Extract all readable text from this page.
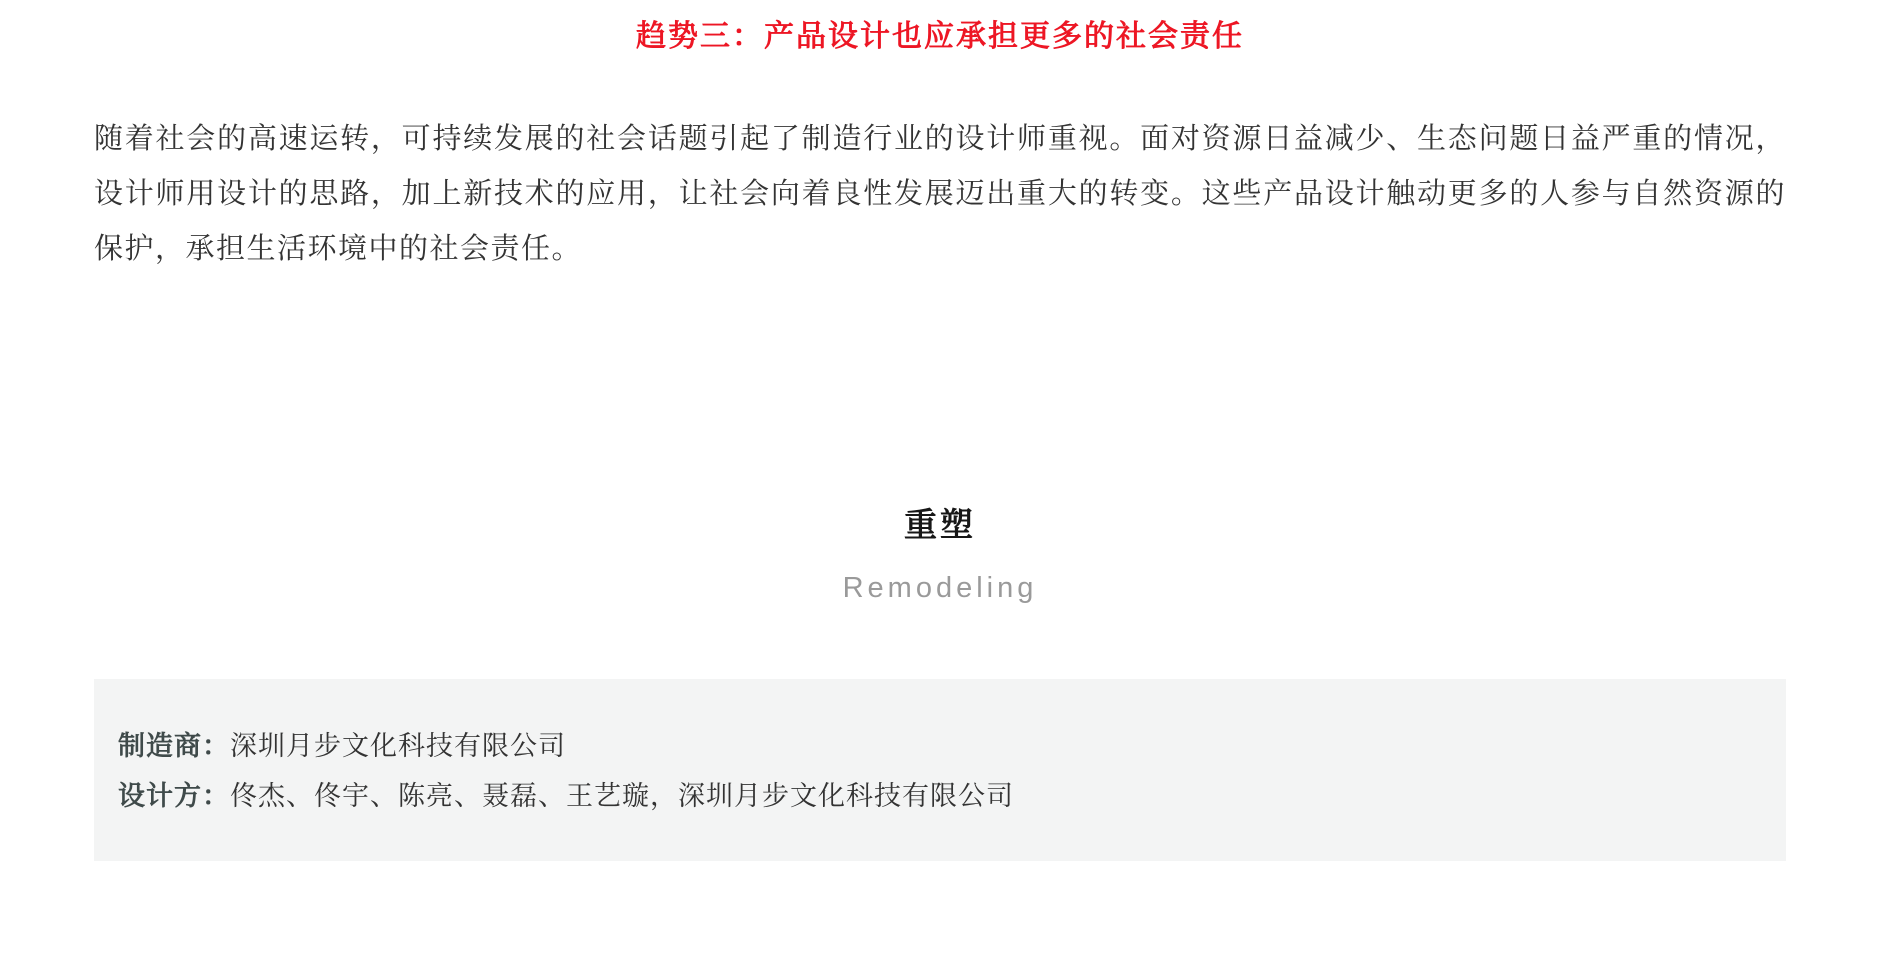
趋势三：产品设计也应承担更多的社会责任

随着社会的高速运转，可持续发展的社会话题引起了制造行业的设计师重视。面对资源日益减少、生态问题日益严重的情况，设计师用设计的思路，加上新技术的应用，让社会向着良性发展迈出重大的转变。这些产品设计触动更多的人参与自然资源的保护，承担生活环境中的社会责任。

重塑
Remodeling
制造商：深圳月步文化科技有限公司
设计方：佟杰、佟宇、陈亮、聂磊、王艺璇，深圳月步文化科技有限公司
